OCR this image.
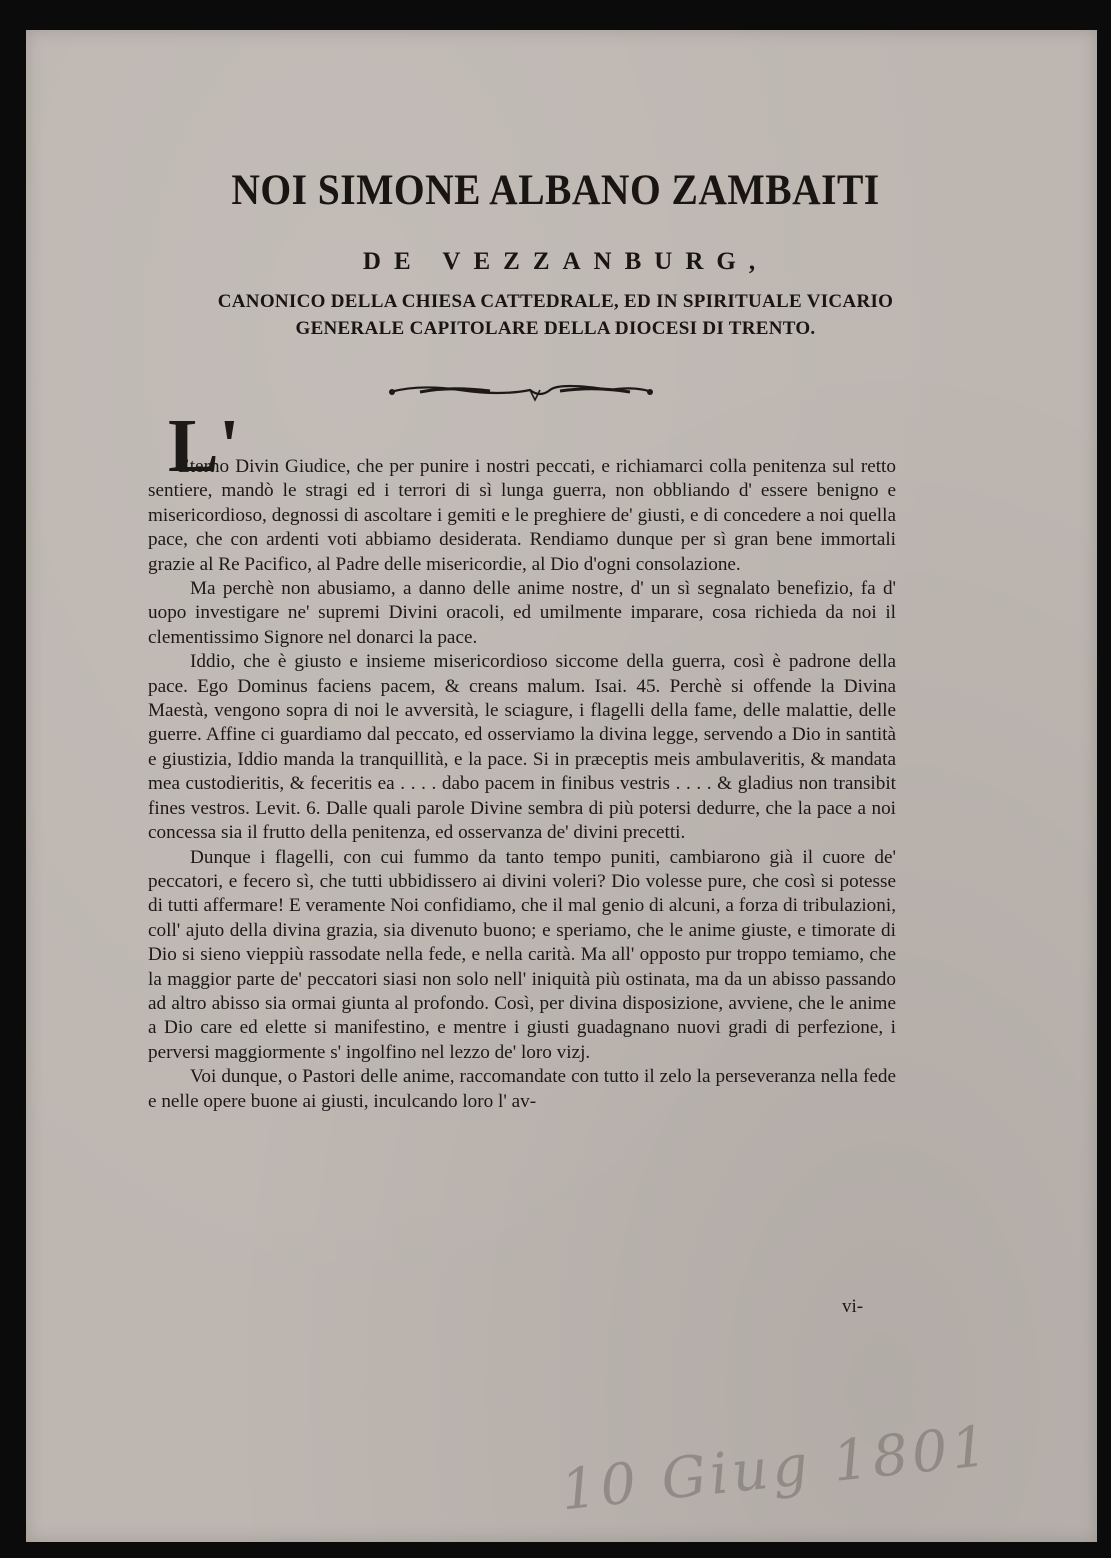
NOI SIMONE ALBANO ZAMBAITI
DE VEZZANBURG,
CANONICO DELLA CHIESA CATTEDRALE, ED IN SPIRITUALE VICARIO
GENERALE CAPITOLARE DELLA DIOCESI DI TRENTO.
L'

Eterno Divin Giudice, che per punire i nostri peccati, e richiamarci colla penitenza sul retto sentiere, mandò le stragi ed i terrori di sì lunga guerra, non obbliando d' essere benigno e misericordioso, degnossi di ascoltare i gemiti e le preghiere de' giusti, e di concedere a noi quella pace, che con ardenti voti abbiamo desiderata. Rendiamo dunque per sì gran bene immortali grazie al Re Pacifico, al Padre delle misericordie, al Dio d'ogni consolazione.

Ma perchè non abusiamo, a danno delle anime nostre, d' un sì segnalato benefizio, fa d' uopo investigare ne' supremi Divini oracoli, ed umilmente imparare, cosa richieda da noi il clementissimo Signore nel donarci la pace.

Iddio, che è giusto e insieme misericordioso siccome della guerra, così è padrone della pace. Ego Dominus faciens pacem, & creans malum. Isai. 45. Perchè si offende la Divina Maestà, vengono sopra di noi le avversità, le sciagure, i flagelli della fame, delle malattie, delle guerre. Affine ci guardiamo dal peccato, ed osserviamo la divina legge, servendo a Dio in santità e giustizia, Iddio manda la tranquillità, e la pace. Si in præceptis meis ambulaveritis, & mandata mea custodieritis, & feceritis ea . . . . dabo pacem in finibus vestris . . . . & gladius non transibit fines vestros. Levit. 6. Dalle quali parole Divine sembra di più potersi dedurre, che la pace a noi concessa sia il frutto della penitenza, ed osservanza de' divini precetti.

Dunque i flagelli, con cui fummo da tanto tempo puniti, cambiarono già il cuore de' peccatori, e fecero sì, che tutti ubbidissero ai divini voleri? Dio volesse pure, che così si potesse di tutti affermare! E veramente Noi confidiamo, che il mal genio di alcuni, a forza di tribulazioni, coll' ajuto della divina grazia, sia divenuto buono; e speriamo, che le anime giuste, e timorate di Dio si sieno vieppiù rassodate nella fede, e nella carità. Ma all' opposto pur troppo temiamo, che la maggior parte de' peccatori siasi non solo nell' iniquità più ostinata, ma da un abisso passando ad altro abisso sia ormai giunta al profondo. Così, per divina disposizione, avviene, che le anime a Dio care ed elette si manifestino, e mentre i giusti guadagnano nuovi gradi di perfezione, i perversi maggiormente s' ingolfino nel lezzo de' loro vizj.

Voi dunque, o Pastori delle anime, raccomandate con tutto il zelo la perseveranza nella fede e nelle opere buone ai giusti, inculcando loro l' av-

vi-
10 Giug 1801
